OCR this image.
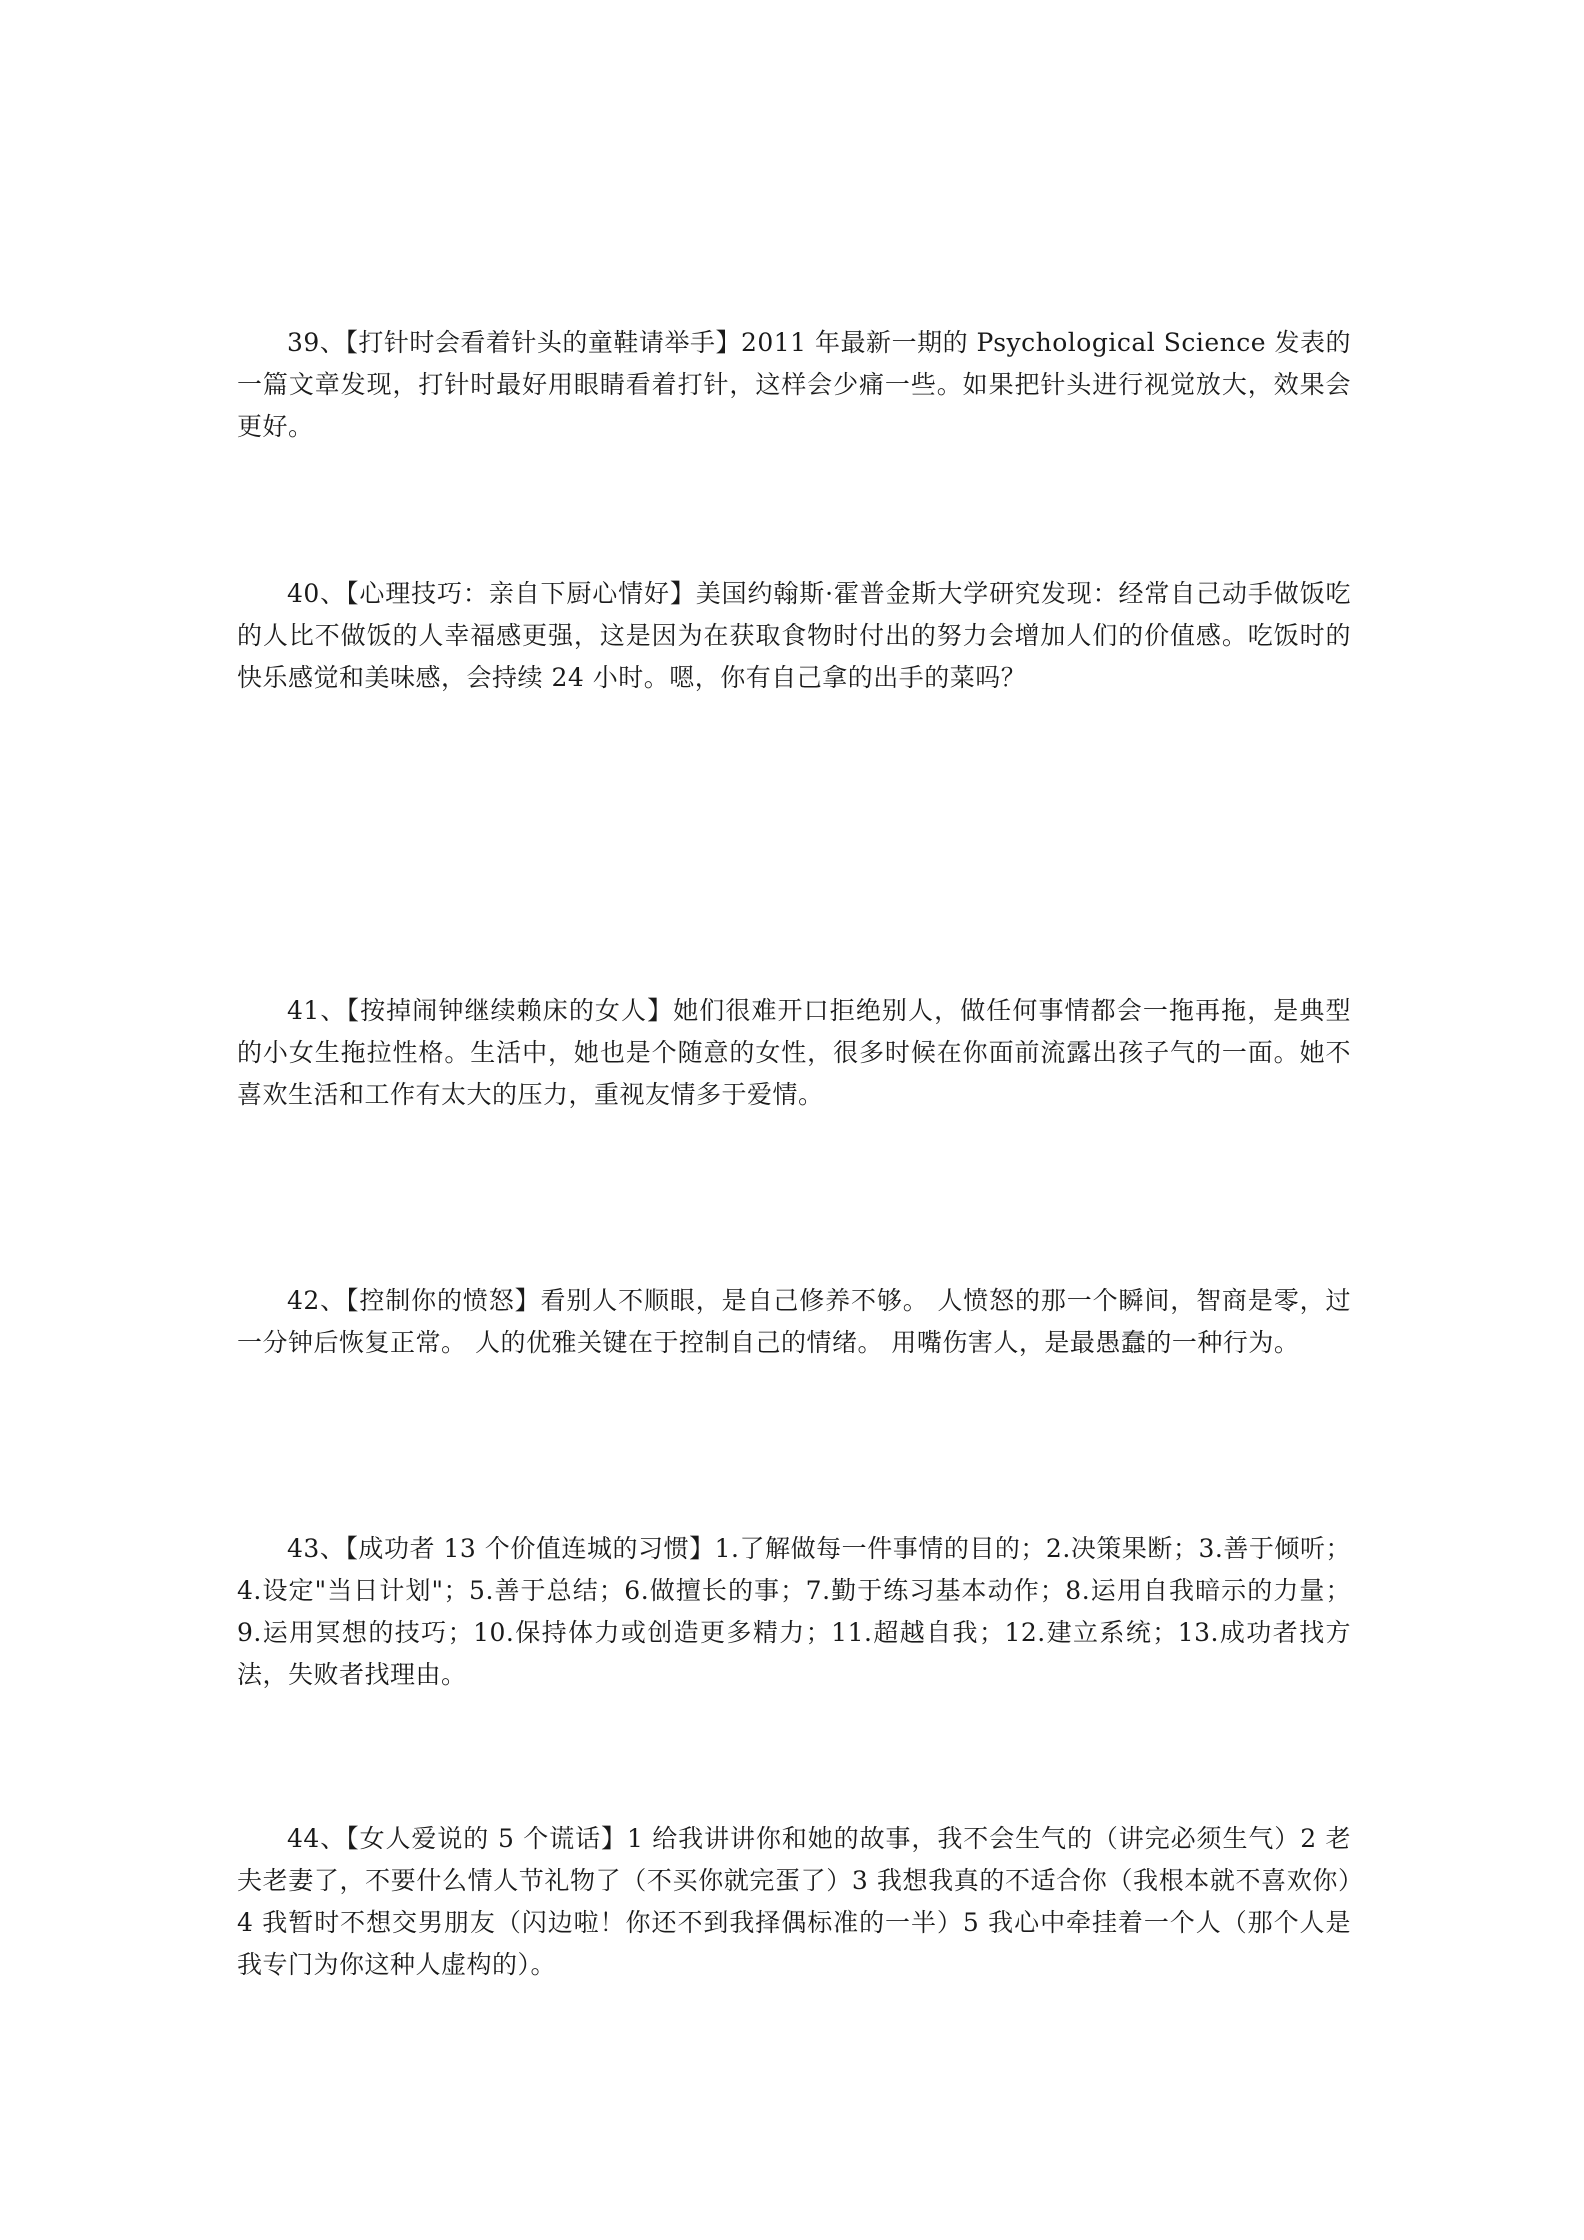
39、【打针时会看着针头的童鞋请举手】2011 年最新一期的 Psychological Science 发表的一篇文章发现，打针时最好用眼睛看着打针，这样会少痛一些。如果把针头进行视觉放大，效果会更好。

40、【心理技巧：亲自下厨心情好】美国约翰斯·霍普金斯大学研究发现：经常自己动手做饭吃的人比不做饭的人幸福感更强，这是因为在获取食物时付出的努力会增加人们的价值感。吃饭时的快乐感觉和美味感，会持续 24 小时。嗯，你有自己拿的出手的菜吗？

41、【按掉闹钟继续赖床的女人】她们很难开口拒绝别人，做任何事情都会一拖再拖，是典型的小女生拖拉性格。生活中，她也是个随意的女性，很多时候在你面前流露出孩子气的一面。她不喜欢生活和工作有太大的压力，重视友情多于爱情。

42、【控制你的愤怒】看别人不顺眼，是自己修养不够。 人愤怒的那一个瞬间，智商是零，过一分钟后恢复正常。 人的优雅关键在于控制自己的情绪。 用嘴伤害人，是最愚蠢的一种行为。

43、【成功者 13 个价值连城的习惯】1.了解做每一件事情的目的；2.决策果断；3.善于倾听；4.设定"当日计划"；5.善于总结；6.做擅长的事；7.勤于练习基本动作；8.运用自我暗示的力量；9.运用冥想的技巧；10.保持体力或创造更多精力；11.超越自我；12.建立系统；13.成功者找方法，失败者找理由。

44、【女人爱说的 5 个谎话】1 给我讲讲你和她的故事，我不会生气的（讲完必须生气）2 老夫老妻了，不要什么情人节礼物了（不买你就完蛋了）3 我想我真的不适合你（我根本就不喜欢你）4 我暂时不想交男朋友（闪边啦！你还不到我择偶标准的一半）5 我心中牵挂着一个人（那个人是我专门为你这种人虚构的）。
